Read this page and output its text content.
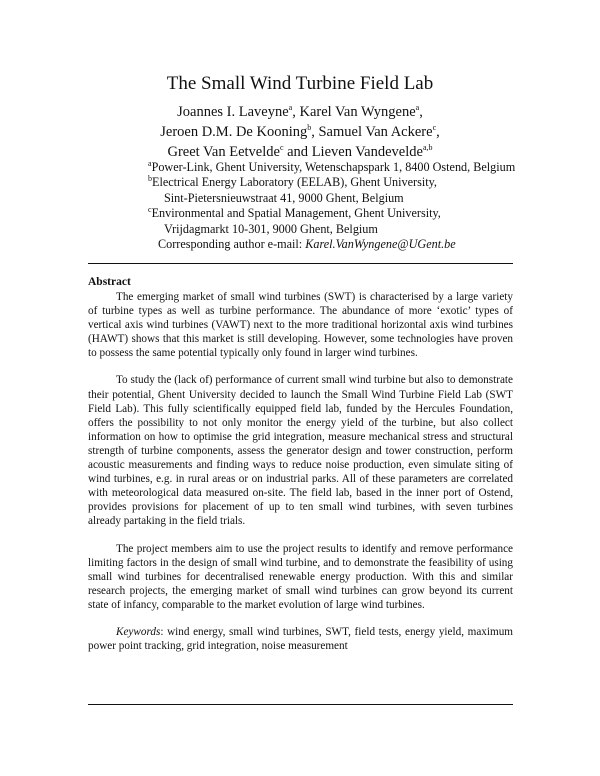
The Small Wind Turbine Field Lab
Joannes I. Laveyne$^a$, Karel Van Wyngene$^a$,
Jeroen D.M. De Kooning$^b$, Samuel Van Ackere$^c$,
Greet Van Eetvelde$^c$ and Lieven Vandevelde$^{a,b}$
$^a$Power-Link, Ghent University, Wetenschapspark 1, 8400 Ostend, Belgium
$^b$Electrical Energy Laboratory (EELAB), Ghent University,
Sint-Pietersnieuwstraat 41, 9000 Ghent, Belgium
$^c$Environmental and Spatial Management, Ghent University,
Vrijdagmarkt 10-301, 9000 Ghent, Belgium
Corresponding author e-mail: Karel.VanWyngene@UGent.be
Abstract

The emerging market of small wind turbines (SWT) is characterised by a large variety of turbine types as well as turbine performance. The abundance of more ‘exotic’ types of vertical axis wind turbines (VAWT) next to the more traditional horizontal axis wind turbines (HAWT) shows that this market is still developing. However, some technologies have proven to possess the same potential typically only found in larger wind turbines.

To study the (lack of) performance of current small wind turbine but also to demonstrate their potential, Ghent University decided to launch the Small Wind Turbine Field Lab (SWT Field Lab). This fully scientifically equipped field lab, funded by the Hercules Foundation, offers the possibility to not only monitor the energy yield of the turbine, but also collect information on how to optimise the grid integration, measure mechanical stress and structural strength of turbine components, assess the generator design and tower construction, perform acoustic measurements and finding ways to reduce noise production, even simulate siting of wind turbines, e.g. in rural areas or on industrial parks. All of these parameters are correlated with meteorological data measured on-site. The field lab, based in the inner port of Ostend, provides provisions for placement of up to ten small wind turbines, with seven turbines already partaking in the field trials.

The project members aim to use the project results to identify and remove performance limiting factors in the design of small wind turbine, and to demonstrate the feasibility of using small wind turbines for decentralised renewable energy production. With this and similar research projects, the emerging market of small wind turbines can grow beyond its current state of infancy, comparable to the market evolution of large wind turbines.

Keywords: wind energy, small wind turbines, SWT, field tests, energy yield, maximum power point tracking, grid integration, noise measurement
